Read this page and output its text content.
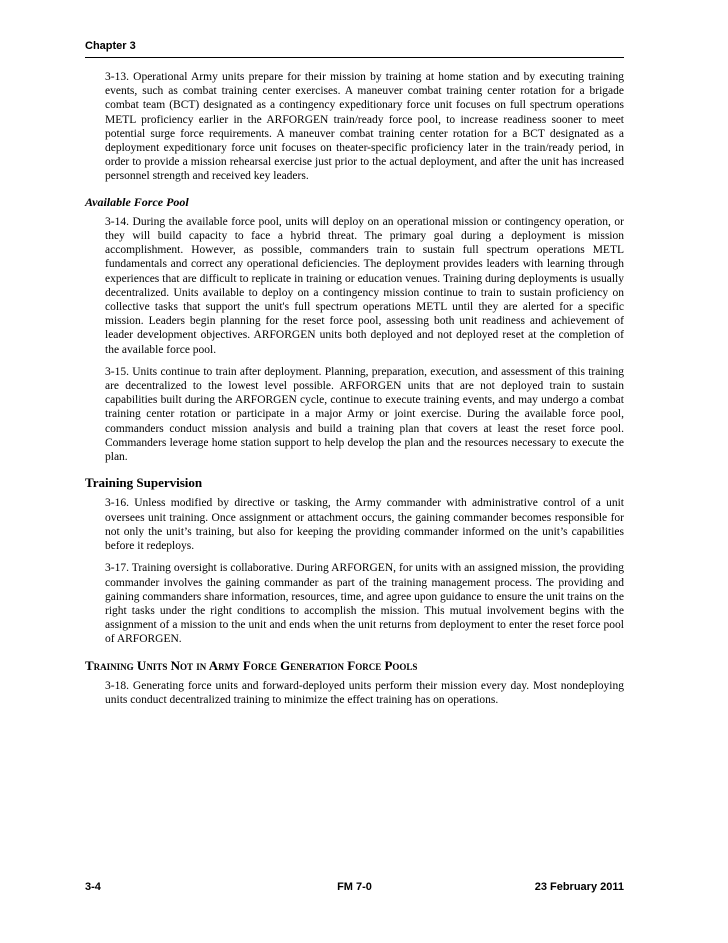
Chapter 3

3-13. Operational Army units prepare for their mission by training at home station and by executing training events, such as combat training center exercises. A maneuver combat training center rotation for a brigade combat team (BCT) designated as a contingency expeditionary force unit focuses on full spectrum operations METL proficiency earlier in the ARFORGEN train/ready force pool, to increase readiness sooner to meet potential surge force requirements. A maneuver combat training center rotation for a BCT designated as a deployment expeditionary force unit focuses on theater-specific proficiency later in the train/ready period, in order to provide a mission rehearsal exercise just prior to the actual deployment, and after the unit has increased personnel strength and received key leaders.

Available Force Pool

3-14. During the available force pool, units will deploy on an operational mission or contingency operation, or they will build capacity to face a hybrid threat. The primary goal during a deployment is mission accomplishment. However, as possible, commanders train to sustain full spectrum operations METL fundamentals and correct any operational deficiencies. The deployment provides leaders with learning through experiences that are difficult to replicate in training or education venues. Training during deployments is usually decentralized. Units available to deploy on a contingency mission continue to train to sustain proficiency on collective tasks that support the unit's full spectrum operations METL until they are alerted for a specific mission. Leaders begin planning for the reset force pool, assessing both unit readiness and achievement of leader development objectives. ARFORGEN units both deployed and not deployed reset at the completion of the available force pool.

3-15. Units continue to train after deployment. Planning, preparation, execution, and assessment of this training are decentralized to the lowest level possible. ARFORGEN units that are not deployed train to sustain capabilities built during the ARFORGEN cycle, continue to execute training events, and may undergo a combat training center rotation or participate in a major Army or joint exercise. During the available force pool, commanders conduct mission analysis and build a training plan that covers at least the reset force pool. Commanders leverage home station support to help develop the plan and the resources necessary to execute the plan.

Training Supervision

3-16. Unless modified by directive or tasking, the Army commander with administrative control of a unit oversees unit training. Once assignment or attachment occurs, the gaining commander becomes responsible for not only the unit’s training, but also for keeping the providing commander informed on the unit’s capabilities before it redeploys.

3-17. Training oversight is collaborative. During ARFORGEN, for units with an assigned mission, the providing commander involves the gaining commander as part of the training management process. The providing and gaining commanders share information, resources, time, and agree upon guidance to ensure the unit trains on the right tasks under the right conditions to accomplish the mission. This mutual involvement begins with the assignment of a mission to the unit and ends when the unit returns from deployment to enter the reset force pool of ARFORGEN.

Training Units Not in Army Force Generation Force Pools

3-18. Generating force units and forward-deployed units perform their mission every day. Most nondeploying units conduct decentralized training to minimize the effect training has on operations.

3-4	FM 7-0	23 February 2011
